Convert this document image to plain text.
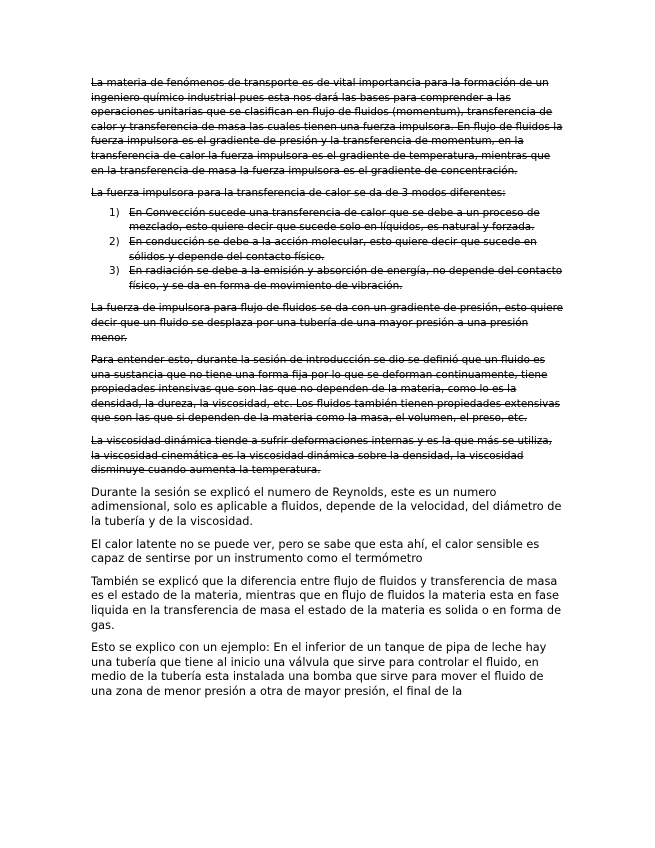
La materia de fenómenos de transporte es de vital importancia para la formación de un ingeniero químico industrial pues esta nos dará las bases para comprender a las operaciones unitarias que se clasifican en flujo de fluidos (momentum), transferencia de calor y transferencia de masa las cuales tienen una fuerza impulsora. En flujo de fluidos la fuerza impulsora es el gradiente de presión y la transferencia de momentum, en la transferencia de calor la fuerza impulsora es el gradiente de temperatura, mientras que en la transferencia de masa la fuerza impulsora es el gradiente de concentración.

La fuerza impulsora para la transferencia de calor se da de 3 modos diferentes:

1) En Convección sucede una transferencia de calor que se debe a un proceso de mezclado, esto quiere decir que sucede solo en líquidos, es natural y forzada.
2) En conducción se debe a la acción molecular, esto quiere decir que sucede en sólidos y depende del contacto físico.
3) En radiación se debe a la emisión y absorción de energía, no depende del contacto físico, y se da en forma de movimiento de vibración.

La fuerza de impulsora para flujo de fluidos se da con un gradiente de presión, esto quiere decir que un fluido se desplaza por una tubería de una mayor presión a una presión menor.

Para entender esto, durante la sesión de introducción se dio se definió que un fluido es una sustancia que no tiene una forma fija por lo que se deforman continuamente, tiene propiedades intensivas que son las que no dependen de la materia, como lo es la densidad, la dureza, la viscosidad, etc. Los fluidos también tienen propiedades extensivas que son las que si dependen de la materia como la masa, el volumen, el preso, etc.

La viscosidad dinámica tiende a sufrir deformaciones internas y es la que más se utiliza, la viscosidad cinemática es la viscosidad dinámica sobre la densidad, la viscosidad disminuye cuando aumenta la temperatura.

Durante la sesión se explicó el numero de Reynolds, este es un numero adimensional, solo es aplicable a fluidos, depende de la velocidad, del diámetro de la tubería y de la viscosidad.

El calor latente no se puede ver, pero se sabe que esta ahí, el calor sensible es capaz de sentirse por un instrumento como el termómetro

También se explicó que la diferencia entre flujo de fluidos y transferencia de masa es el estado de la materia, mientras que en flujo de fluidos la materia esta en fase liquida en la transferencia de masa el estado de la materia es solida o en forma de gas.

Esto se explico con un ejemplo: En el inferior de un tanque de pipa de leche hay una tubería que tiene al inicio una válvula que sirve para controlar el fluido, en medio de la tubería esta instalada una bomba que sirve para mover el fluido de una zona de menor presión a otra de mayor presión, el final de la
